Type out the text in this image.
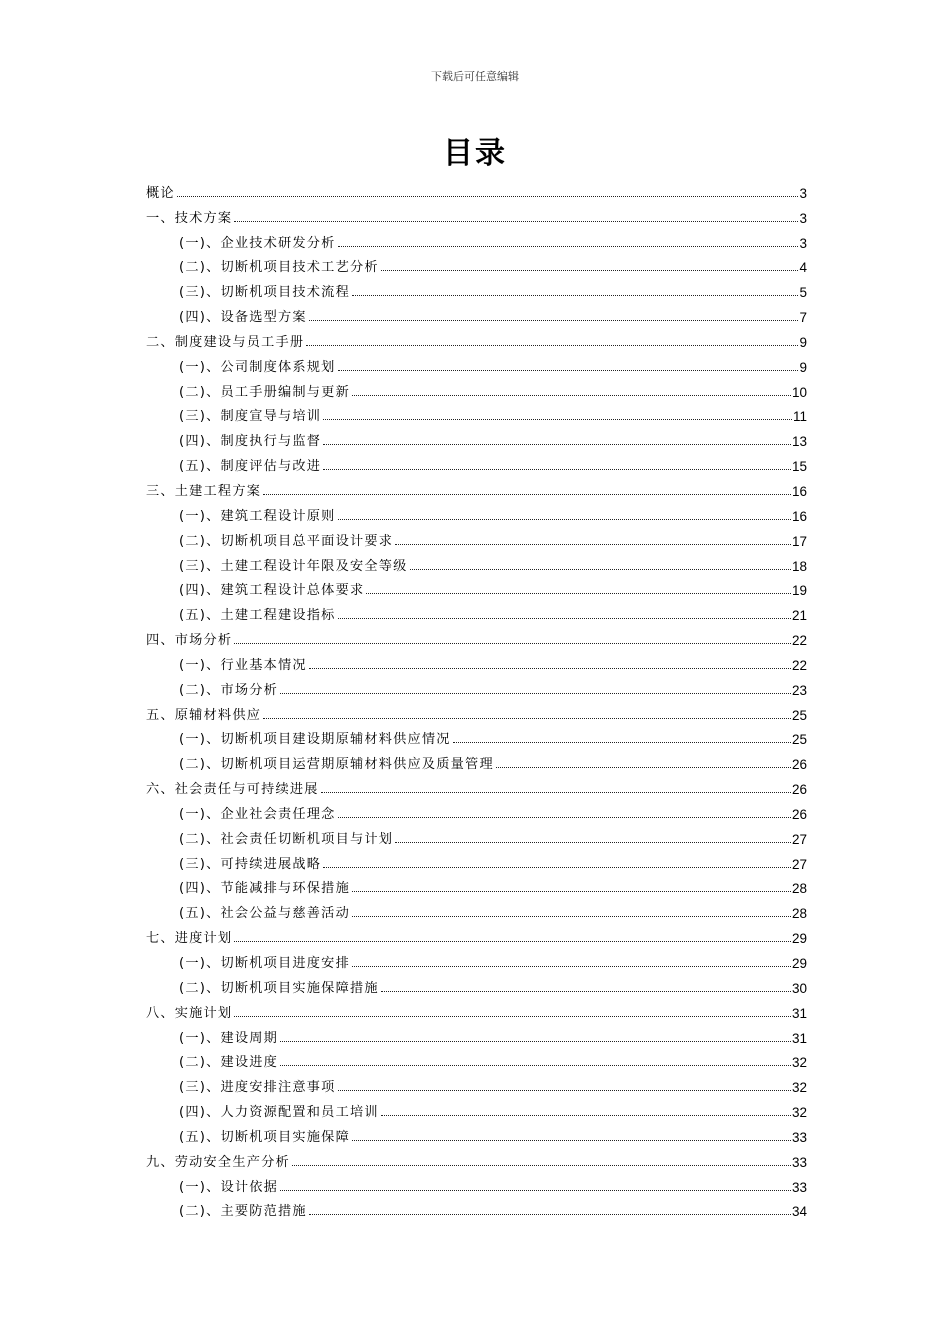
下载后可任意编辑
目录
概论	3
一、技术方案	3
(一)、企业技术研发分析	3
(二)、切断机项目技术工艺分析	4
(三)、切断机项目技术流程	5
(四)、设备选型方案	7
二、制度建设与员工手册	9
(一)、公司制度体系规划	9
(二)、员工手册编制与更新	10
(三)、制度宣导与培训	11
(四)、制度执行与监督	13
(五)、制度评估与改进	15
三、土建工程方案	16
(一)、建筑工程设计原则	16
(二)、切断机项目总平面设计要求	17
(三)、土建工程设计年限及安全等级	18
(四)、建筑工程设计总体要求	19
(五)、土建工程建设指标	21
四、市场分析	22
(一)、行业基本情况	22
(二)、市场分析	23
五、原辅材料供应	25
(一)、切断机项目建设期原辅材料供应情况	25
(二)、切断机项目运营期原辅材料供应及质量管理	26
六、社会责任与可持续进展	26
(一)、企业社会责任理念	26
(二)、社会责任切断机项目与计划	27
(三)、可持续进展战略	27
(四)、节能减排与环保措施	28
(五)、社会公益与慈善活动	28
七、进度计划	29
(一)、切断机项目进度安排	29
(二)、切断机项目实施保障措施	30
八、实施计划	31
(一)、建设周期	31
(二)、建设进度	32
(三)、进度安排注意事项	32
(四)、人力资源配置和员工培训	32
(五)、切断机项目实施保障	33
九、劳动安全生产分析	33
(一)、设计依据	33
(二)、主要防范措施	34
